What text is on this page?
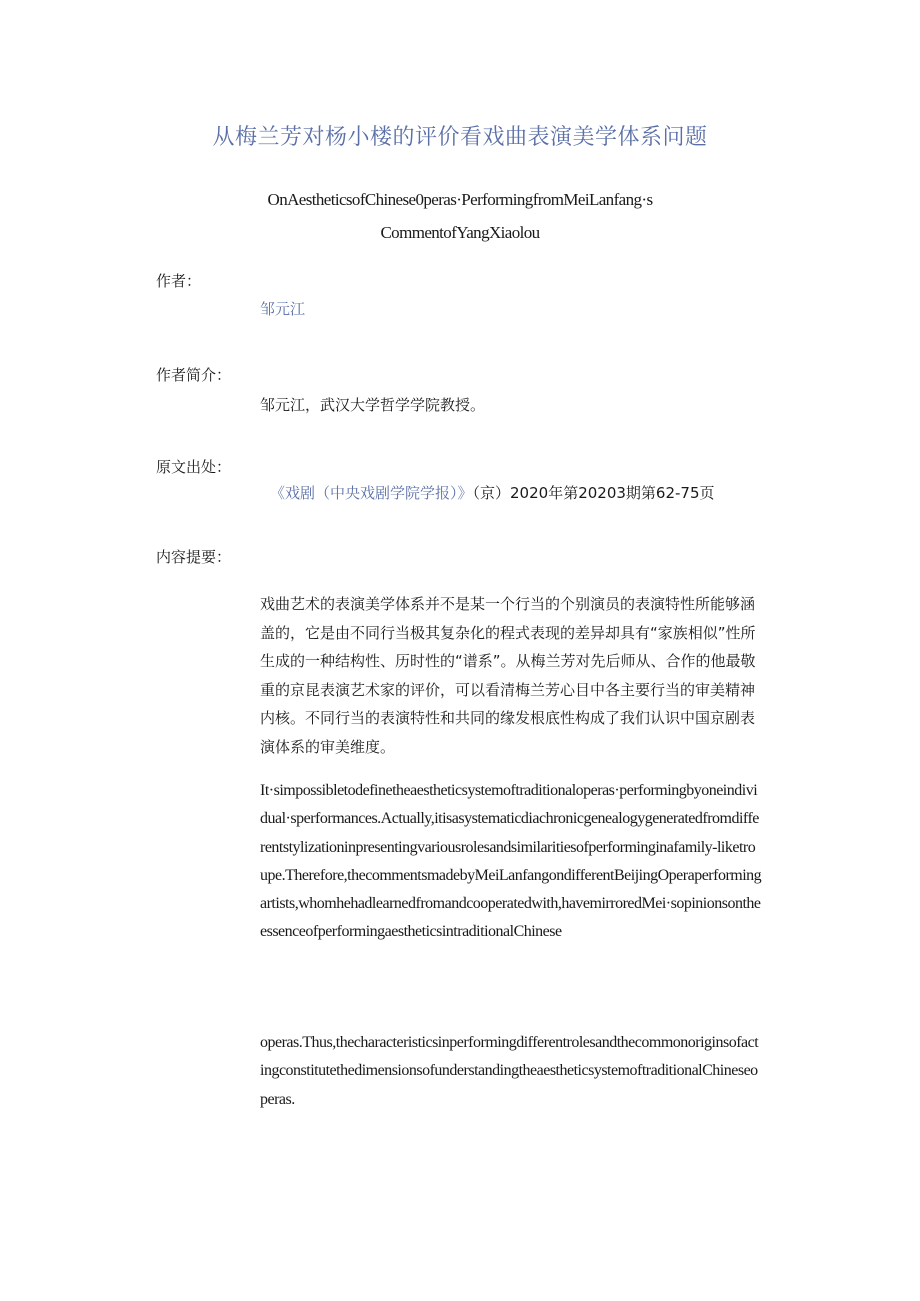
从梅兰芳对杨小楼的评价看戏曲表演美学体系问题
OnAestheticsofChinese0peras·PerformingfromMeiLanfang·s
CommentofYangXiaolou
作者：
邹元江
作者简介：
邹元江，武汉大学哲学学院教授。
原文出处：
《戏剧（中央戏剧学院学报）》（京）2020年第20203期第62-75页
内容提要：
戏曲艺术的表演美学体系并不是某一个行当的个别演员的表演特性所能够涵盖的，它是由不同行当极其复杂化的程式表现的差异却具有“家族相似”性所生成的一种结构性、历时性的“谱系”。从梅兰芳对先后师从、合作的他最敬重的京昆表演艺术家的评价，可以看清梅兰芳心目中各主要行当的审美精神内核。不同行当的表演特性和共同的缘发根底性构成了我们认识中国京剧表演体系的审美维度。
It·simpossibletodefinetheaestheticsystemoftraditionaloperas·performingbyoneindividual·sperformances.Actually,itisasystematicdiachronicgenealogygeneratedfromdifferentstylizationinpresentingvariousrolesandsimilaritiesofperforminginafamily-liketroupe.Therefore,thecommentsmadebyMeiLanfangondifferentBeijingOperaperformingartists,whomhehadlearnedfromandcooperatedwith,havemirroredMei·sopinionsontheessenceofperformingaestheticsintraditionalChinese
operas.Thus,thecharacteristicsinperformingdifferentrolesandthecommonoriginsofactingconstitutethedimensionsofunderstandingtheaestheticsystemoftraditionalChineseoperas.
